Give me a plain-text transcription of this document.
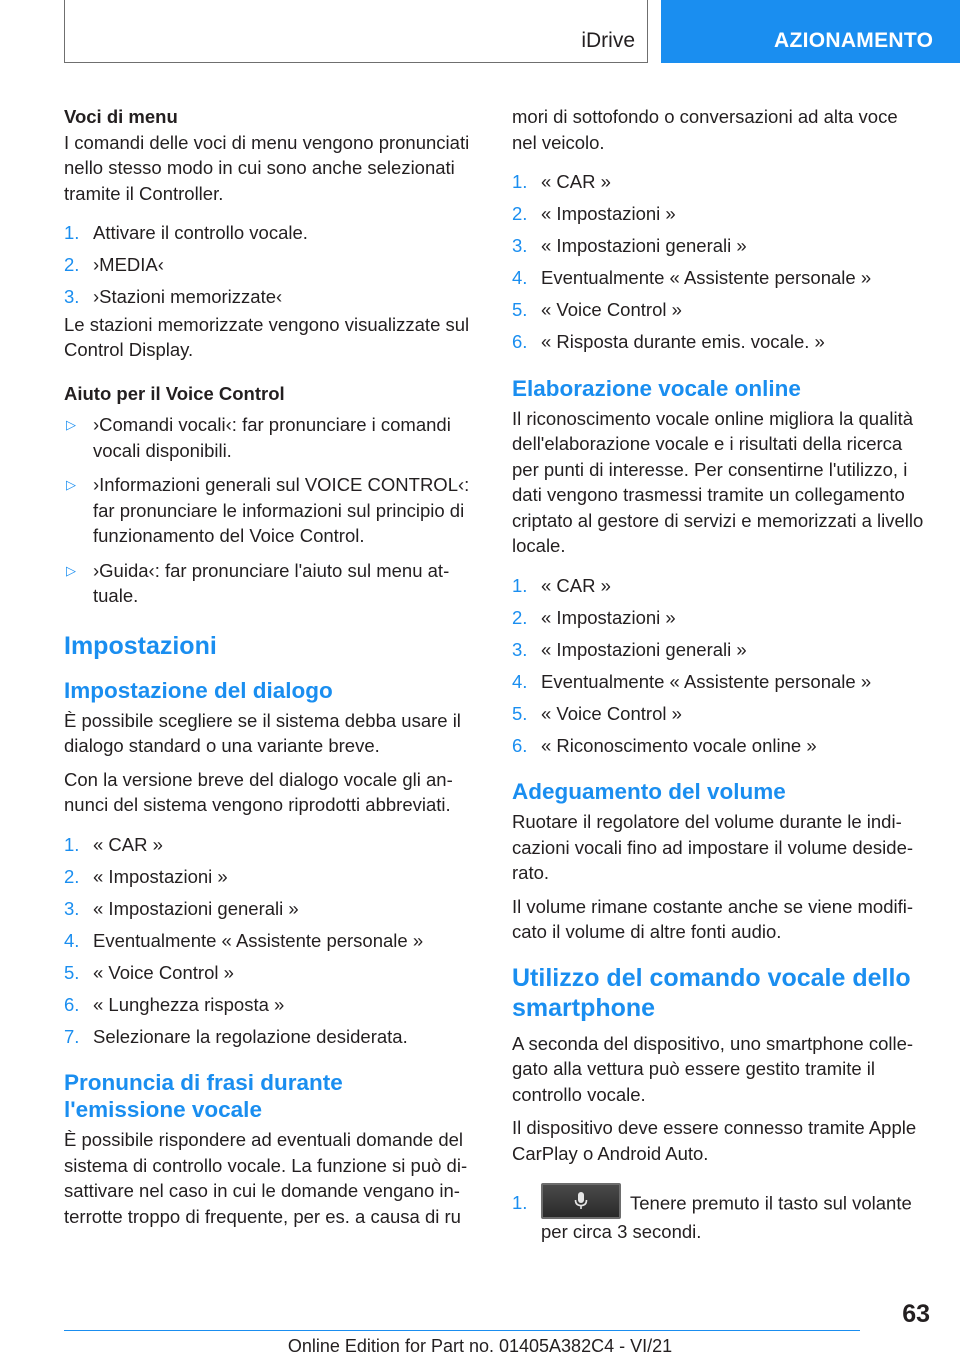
iDrive	AZIONAMENTO
Voci di menu

I comandi delle voci di menu vengono pronunciati nello stesso modo in cui sono anche selezionati tramite il Controller.

1. Attivare il controllo vocale.
2. ›MEDIA‹
3. ›Stazioni memorizzate‹

Le stazioni memorizzate vengono visualizzate sul Control Display.

Aiuto per il Voice Control
▷ ›Comandi vocali‹: far pronunciare i comandi vocali disponibili.
▷ ›Informazioni generali sul VOICE CONTROL‹: far pronunciare le informazioni sul principio di funzionamento del Voice Control.
▷ ›Guida‹: far pronunciare l'aiuto sul menu attuale.
Impostazioni
Impostazione del dialogo

È possibile scegliere se il sistema debba usare il dialogo standard o una variante breve.

Con la versione breve del dialogo vocale gli annunci del sistema vengono riprodotti abbreviati.

1. « CAR »
2. « Impostazioni »
3. « Impostazioni generali »
4. Eventualmente « Assistente personale »
5. « Voice Control »
6. « Lunghezza risposta »
7. Selezionare la regolazione desiderata.
Pronuncia di frasi durante
l'emissione vocale

È possibile rispondere ad eventuali domande del sistema di controllo vocale. La funzione si può disattivare nel caso in cui le domande vengano interrotte troppo di frequente, per es. a causa di ru

mori di sottofondo o conversazioni ad alta voce nel veicolo.

1. « CAR »
2. « Impostazioni »
3. « Impostazioni generali »
4. Eventualmente « Assistente personale »
5. « Voice Control »
6. « Risposta durante emis. vocale. »
Elaborazione vocale online

Il riconoscimento vocale online migliora la qualità dell'elaborazione vocale e i risultati della ricerca per punti di interesse. Per consentirne l'utilizzo, i dati vengono trasmessi tramite un collegamento criptato al gestore di servizi e memorizzati a livello locale.

1. « CAR »
2. « Impostazioni »
3. « Impostazioni generali »
4. Eventualmente « Assistente personale »
5. « Voice Control »
6. « Riconoscimento vocale online »
Adeguamento del volume

Ruotare il regolatore del volume durante le indicazioni vocali fino ad impostare il volume desiderato.

Il volume rimane costante anche se viene modificato il volume di altre fonti audio.

Utilizzo del comando vocale dello
smartphone

A seconda del dispositivo, uno smartphone collegato alla vettura può essere gestito tramite il controllo vocale.

Il dispositivo deve essere connesso tramite Apple CarPlay o Android Auto.

1.	Tenere premuto il tasto sul volante per circa 3 secondi.
63
Online Edition for Part no. 01405A382C4 - VI/21
